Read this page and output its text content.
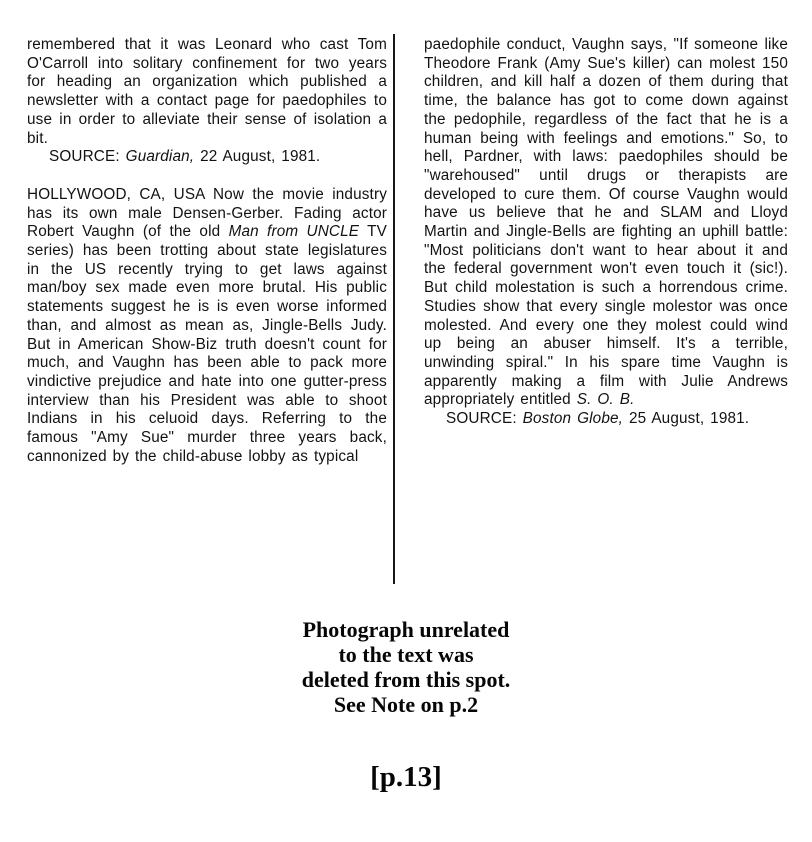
remembered that it was Leonard who cast Tom O'Carroll into solitary confinement for two years for heading an organization which published a newsletter with a contact page for paedophiles to use in order to alleviate their sense of isolation a bit.
SOURCE: Guardian, 22 August, 1981.
HOLLYWOOD, CA, USA Now the movie industry has its own male Densen-Gerber. Fading actor Robert Vaughn (of the old Man from UNCLE TV series) has been trotting about state legislatures in the US recently trying to get laws against man/boy sex made even more brutal. His public statements suggest he is is even worse informed than, and almost as mean as, Jingle-Bells Judy. But in American Show-Biz truth doesn't count for much, and Vaughn has been able to pack more vindictive prejudice and hate into one gutter-press interview than his President was able to shoot Indians in his celuoid days. Referring to the famous "Amy Sue" murder three years back, cannonized by the child-abuse lobby as typical
paedophile conduct, Vaughn says, "If someone like Theodore Frank (Amy Sue's killer) can molest 150 children, and kill half a dozen of them during that time, the balance has got to come down against the pedophile, regardless of the fact that he is a human being with feelings and emotions." So, to hell, Pardner, with laws: paedophiles should be "warehoused" until drugs or therapists are developed to cure them. Of course Vaughn would have us believe that he and SLAM and Lloyd Martin and Jingle-Bells are fighting an uphill battle: "Most politicians don't want to hear about it and the federal government won't even touch it (sic!). But child molestation is such a horrendous crime. Studies show that every single molestor was once molested. And every one they molest could wind up being an abuser himself. It's a terrible, unwinding spiral." In his spare time Vaughn is apparently making a film with Julie Andrews appropriately entitled S. O. B.
SOURCE: Boston Globe, 25 August, 1981.
Photograph unrelated
to the text was
deleted from this spot.
See Note on p.2
[p.13]
